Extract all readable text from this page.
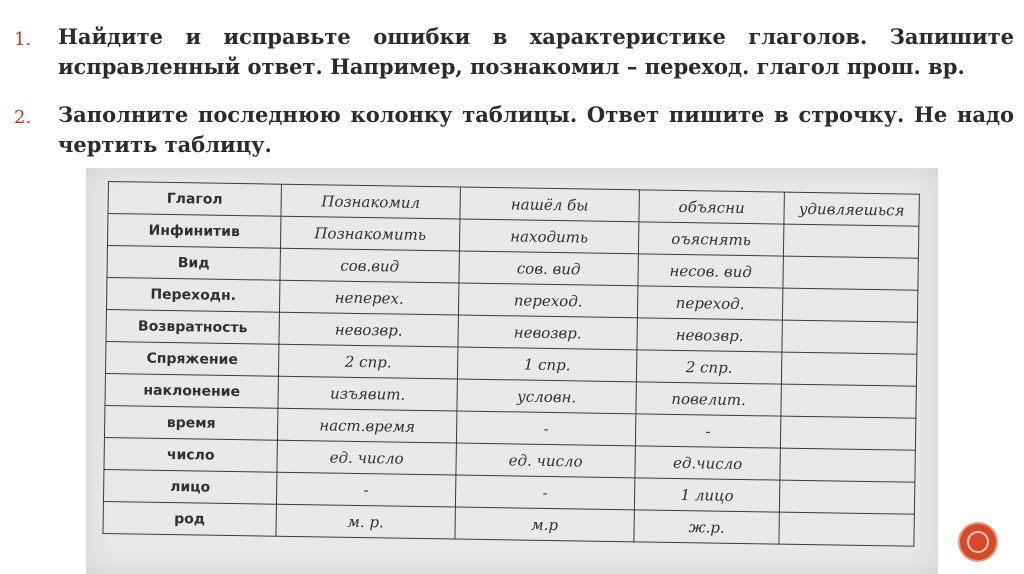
1. Найдите и исправьте ошибки в характеристике глаголов. Запишите исправленный ответ. Например, познакомил – переход. глагол прош. вр.
2. Заполните последнюю колонку таблицы. Ответ пишите в строчку. Не надо чертить таблицу.
Глагол	Познакомил	нашёл бы	объясни	удивляешься
Инфинитив	Познакомить	находить	оъяснять	
Вид	сов.вид	сов. вид	несов. вид	
Переходн.	неперех.	переход.	переход.	
Возвратность	невозвр.	невозвр.	невозвр.	
Спряжение	2 спр.	1 спр.	2 спр.	
наклонение	изъявит.	условн.	повелит.	
время	наст.время	-	-	
число	ед. число	ед. число	ед.число	
лицо	-	-	1 лицо	
род	м. р.	м.р	ж.р.	
